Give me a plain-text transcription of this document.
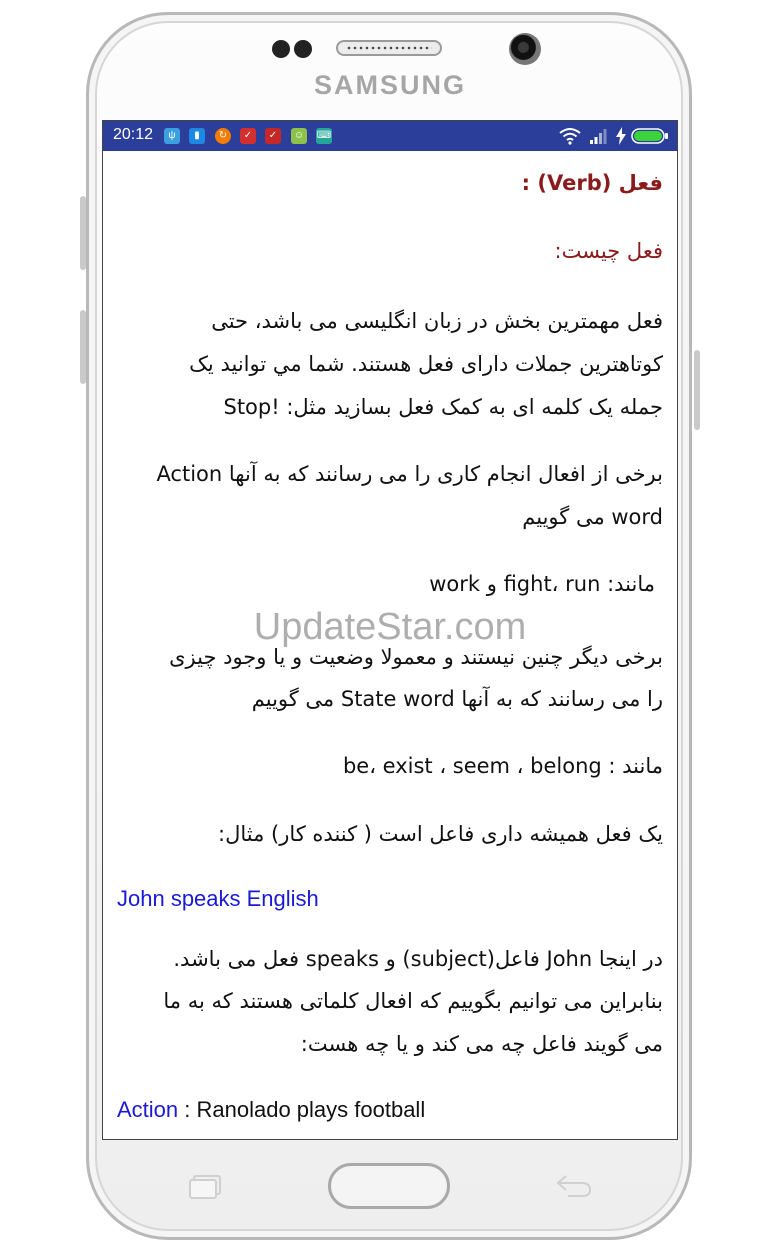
SAMSUNG
20:12	ψ	▮	↻	✓	✓	☺ ⌨
فعل (Verb) :
فعل چیست:
فعل مهمترین بخش در زبان انگلیسی می باشد، حتی
کوتاهترین جملات دارای فعل هستند. شما مي توانید یک
جمله یک کلمه ای به کمک فعل بسازید مثل: !Stop
برخی از افعال انجام کاری را می رسانند که به آنها Action
word می گوییم
مانند: fight، run و work
برخی دیگر چنین نیستند و معمولا وضعیت و یا وجود چیزی
را می رسانند که به آنها State word می گوییم
مانند : be، exist ، seem ، belong
یک فعل همیشه داری فاعل است ( کننده کار) مثال:
John speaks English
در اینجا John فاعل(subject) و speaks فعل می باشد.
بنابراین می توانیم بگوییم که افعال کلماتی هستند که به ما
می گویند فاعل چه می کند و یا چه هست:
Action : Ranolado plays football
UpdateStar.com
